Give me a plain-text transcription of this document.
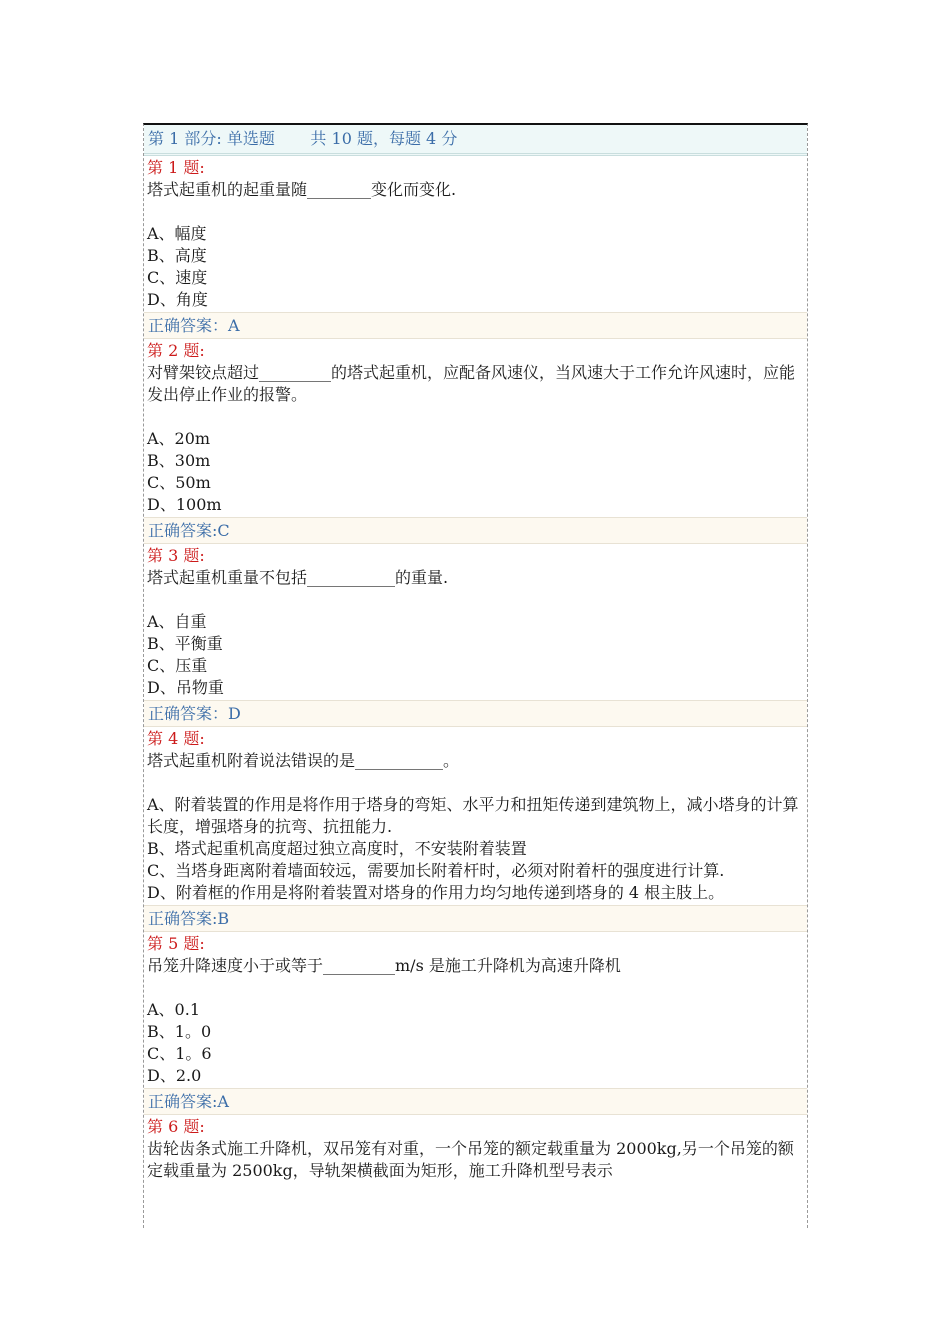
第 1 部分: 单选题       共 10 题，每题 4 分
第 1 题:
塔式起重机的起重量随________变化而变化.
A、幅度
B、高度
C、速度
D、角度
正确答案：A
第 2 题:
对臂架铰点超过_________的塔式起重机，应配备风速仪，当风速大于工作允许风速时，应能发出停止作业的报警。
A、20m
B、30m
C、50m
D、100m
正确答案:C
第 3 题:
塔式起重机重量不包括___________的重量.
A、自重
B、平衡重
C、压重
D、吊物重
正确答案：D
第 4 题:
塔式起重机附着说法错误的是___________。
A、附着装置的作用是将作用于塔身的弯矩、水平力和扭矩传递到建筑物上，减小塔身的计算长度，增强塔身的抗弯、抗扭能力.
B、塔式起重机高度超过独立高度时，不安装附着装置
C、当塔身距离附着墙面较远，需要加长附着杆时，必须对附着杆的强度进行计算.
D、附着框的作用是将附着装置对塔身的作用力均匀地传递到塔身的 4 根主肢上。
正确答案:B
第 5 题:
吊笼升降速度小于或等于_________m/s 是施工升降机为高速升降机
A、0.1
B、1。0
C、1。6
D、2.0
正确答案:A
第 6 题:
齿轮齿条式施工升降机，双吊笼有对重，一个吊笼的额定载重量为 2000kg,另一个吊笼的额定载重量为 2500kg，导轨架横截面为矩形，施工升降机型号表示
